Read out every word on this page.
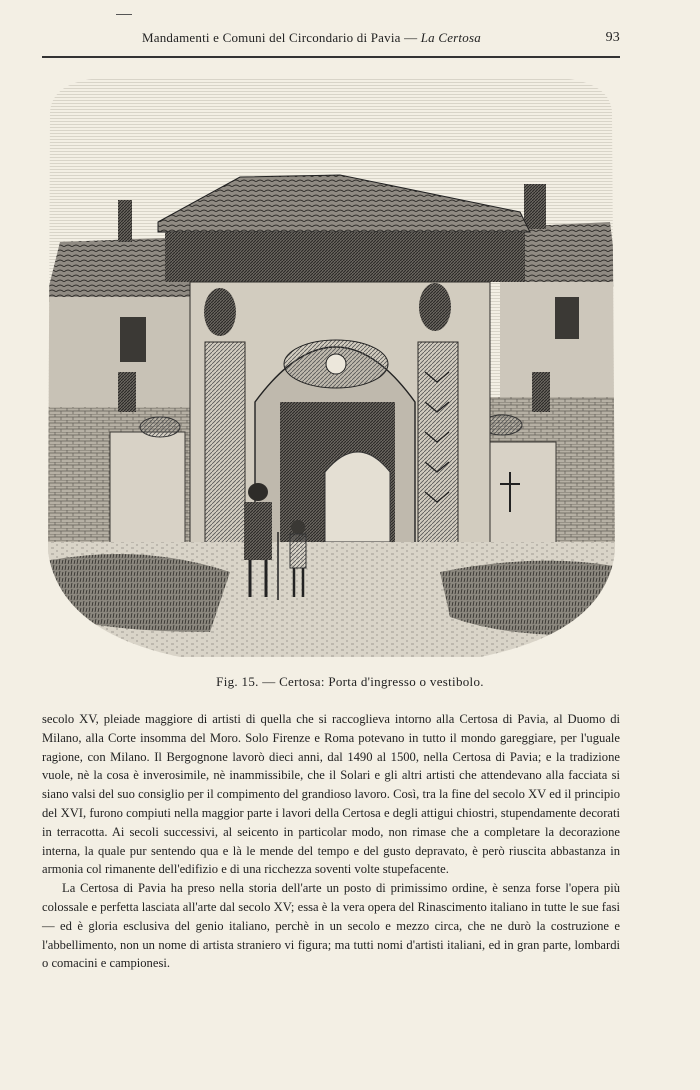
Mandamenti e Comuni del Circondario di Pavia — La Certosa	93
Fig. 15. — Certosa: Porta d'ingresso o vestibolo.

secolo XV, pleiade maggiore di artisti di quella che si raccoglieva intorno alla Certosa di Pavia, al Duomo di Milano, alla Corte insomma del Moro. Solo Firenze e Roma potevano in tutto il mondo gareggiare, per l'uguale ragione, con Milano. Il Bergognone lavorò dieci anni, dal 1490 al 1500, nella Certosa di Pavia; e la tradizione vuole, nè la cosa è inverosimile, nè inammissibile, che il Solari e gli altri artisti che attendevano alla facciata si siano valsi del suo consiglio per il compimento del grandioso lavoro. Così, tra la fine del secolo XV ed il principio del XVI, furono compiuti nella maggior parte i lavori della Certosa e degli attigui chiostri, stupendamente decorati in terracotta. Ai secoli successivi, al seicento in particolar modo, non rimase che a completare la decorazione interna, la quale pur sentendo qua e là le mende del tempo e del gusto depravato, è però riuscita abbastanza in armonia col rimanente dell'edifizio e di una ricchezza soventi volte stupefacente.

La Certosa di Pavia ha preso nella storia dell'arte un posto di primissimo ordine, è senza forse l'opera più colossale e perfetta lasciata all'arte dal secolo XV; essa è la vera opera del Rinascimento italiano in tutte le sue fasi — ed è gloria esclusiva del genio italiano, perchè in un secolo e mezzo circa, che ne durò la costruzione e l'abbellimento, non un nome di artista straniero vi figura; ma tutti nomi d'artisti italiani, ed in gran parte, lombardi o comacini e campionesi.
